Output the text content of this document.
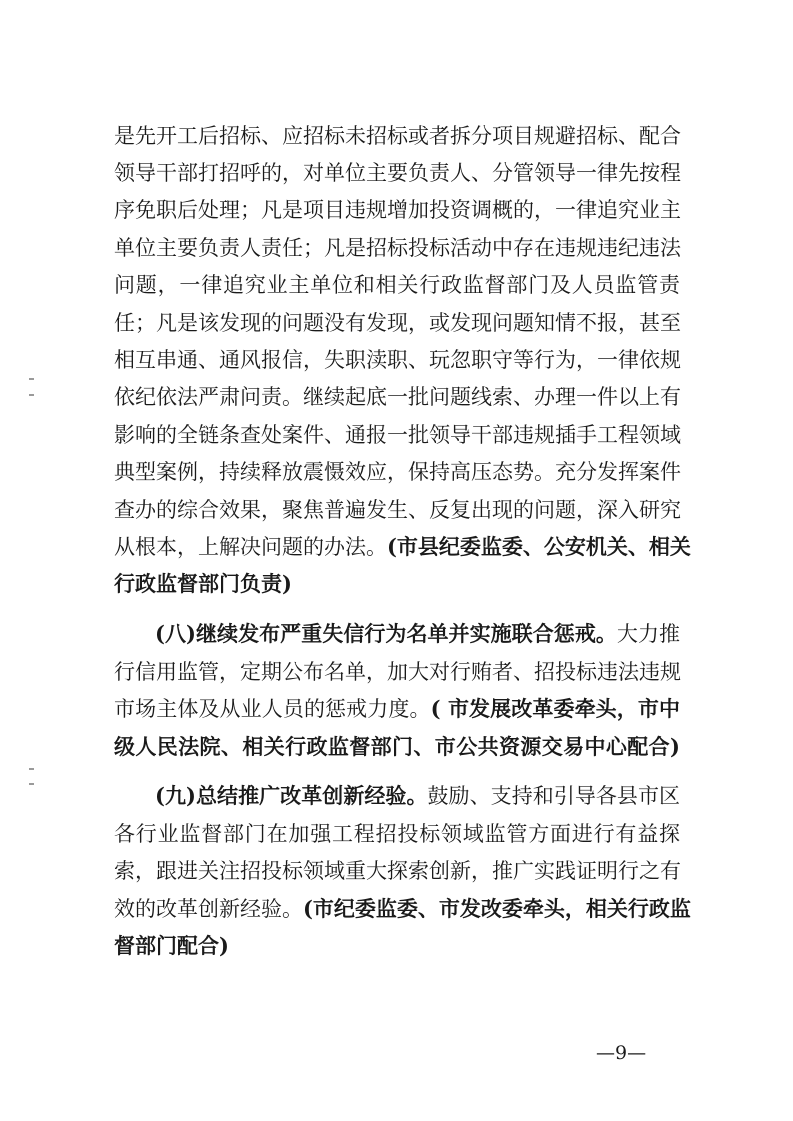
是先开工后招标、应招标未招标或者拆分项目规避招标、配合
领导干部打招呼的，对单位主要负责人、分管领导一律先按程
序免职后处理；凡是项目违规增加投资调概的，一律追究业主
单位主要负责人责任；凡是招标投标活动中存在违规违纪违法
问题，一律追究业主单位和相关行政监督部门及人员监管责
任；凡是该发现的问题没有发现，或发现问题知情不报，甚至
相互串通、通风报信，失职渎职、玩忽职守等行为，一律依规
依纪依法严肃问责。继续起底一批问题线索、办理一件以上有
影响的全链条查处案件、通报一批领导干部违规插手工程领域
典型案例，持续释放震慑效应，保持高压态势。充分发挥案件
查办的综合效果，聚焦普遍发生、反复出现的问题，深入研究
从根本，上解决问题的办法。(市县纪委监委、公安机关、相关
行政监督部门负责)
(八)继续发布严重失信行为名单并实施联合惩戒。大力推
行信用监管，定期公布名单，加大对行贿者、招投标违法违规
市场主体及从业人员的惩戒力度。( 市发展改革委牵头，市中
级人民法院、相关行政监督部门、市公共资源交易中心配合)
(九)总结推广改革创新经验。鼓励、支持和引导各县市区
各行业监督部门在加强工程招投标领域监管方面进行有益探
索，跟进关注招投标领域重大探索创新，推广实践证明行之有
效的改革创新经验。(市纪委监委、市发改委牵头，相关行政监
督部门配合)
—9—
